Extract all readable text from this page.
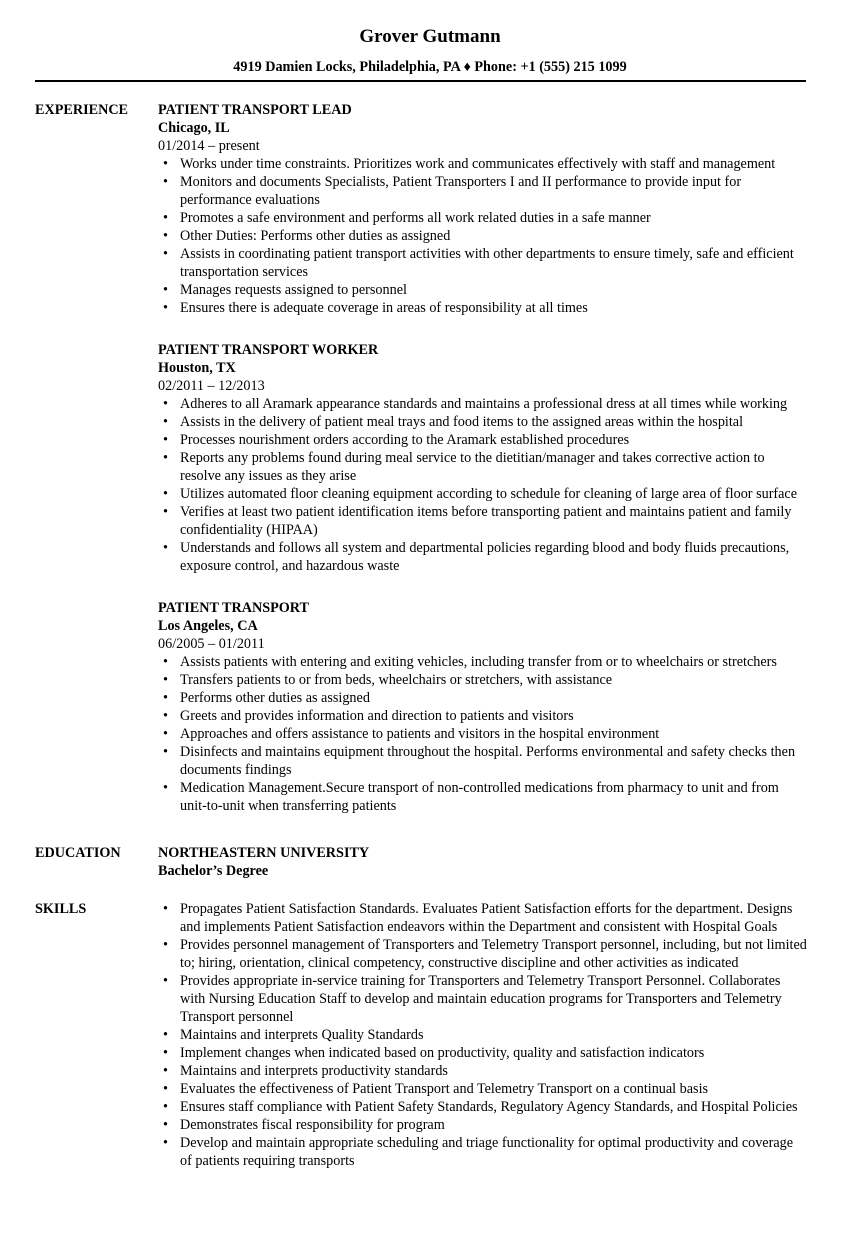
Grover Gutmann
4919 Damien Locks, Philadelphia, PA ♦ Phone: +1 (555) 215 1099
EXPERIENCE	PATIENT TRANSPORT LEAD
Chicago, IL
01/2014 – present
• Works under time constraints. Prioritizes work and communicates effectively with staff and management
• Monitors and documents Specialists, Patient Transporters I and II performance to provide input for performance evaluations
• Promotes a safe environment and performs all work related duties in a safe manner
• Other Duties: Performs other duties as assigned
• Assists in coordinating patient transport activities with other departments to ensure timely, safe and efficient transportation services
• Manages requests assigned to personnel
• Ensures there is adequate coverage in areas of responsibility at all times
PATIENT TRANSPORT WORKER
Houston, TX
02/2011 – 12/2013
• Adheres to all Aramark appearance standards and maintains a professional dress at all times while working
• Assists in the delivery of patient meal trays and food items to the assigned areas within the hospital
• Processes nourishment orders according to the Aramark established procedures
• Reports any problems found during meal service to the dietitian/manager and takes corrective action to resolve any issues as they arise
• Utilizes automated floor cleaning equipment according to schedule for cleaning of large area of floor surface
• Verifies at least two patient identification items before transporting patient and maintains patient and family confidentiality (HIPAA)
• Understands and follows all system and departmental policies regarding blood and body fluids precautions, exposure control, and hazardous waste
PATIENT TRANSPORT
Los Angeles, CA
06/2005 – 01/2011
• Assists patients with entering and exiting vehicles, including transfer from or to wheelchairs or stretchers
• Transfers patients to or from beds, wheelchairs or stretchers, with assistance
• Performs other duties as assigned
• Greets and provides information and direction to patients and visitors
• Approaches and offers assistance to patients and visitors in the hospital environment
• Disinfects and maintains equipment throughout the hospital. Performs environmental and safety checks then documents findings
• Medication Management.Secure transport of non-controlled medications from pharmacy to unit and from unit-to-unit when transferring patients
EDUCATION	NORTHEASTERN UNIVERSITY
Bachelor’s Degree
SKILLS
•	Propagates Patient Satisfaction Standards. Evaluates Patient Satisfaction efforts for the department. Designs and implements Patient Satisfaction endeavors within the Department and consistent with Hospital Goals
• Provides personnel management of Transporters and Telemetry Transport personnel, including, but not limited to; hiring, orientation, clinical competency, constructive discipline and other activities as indicated
• Provides appropriate in-service training for Transporters and Telemetry Transport Personnel. Collaborates with Nursing Education Staff to develop and maintain education programs for Transporters and Telemetry Transport personnel
• Maintains and interprets Quality Standards
• Implement changes when indicated based on productivity, quality and satisfaction indicators
• Maintains and interprets productivity standards
• Evaluates the effectiveness of Patient Transport and Telemetry Transport on a continual basis
• Ensures staff compliance with Patient Safety Standards, Regulatory Agency Standards, and Hospital Policies
• Demonstrates fiscal responsibility for program
• Develop and maintain appropriate scheduling and triage functionality for optimal productivity and coverage of patients requiring transports
